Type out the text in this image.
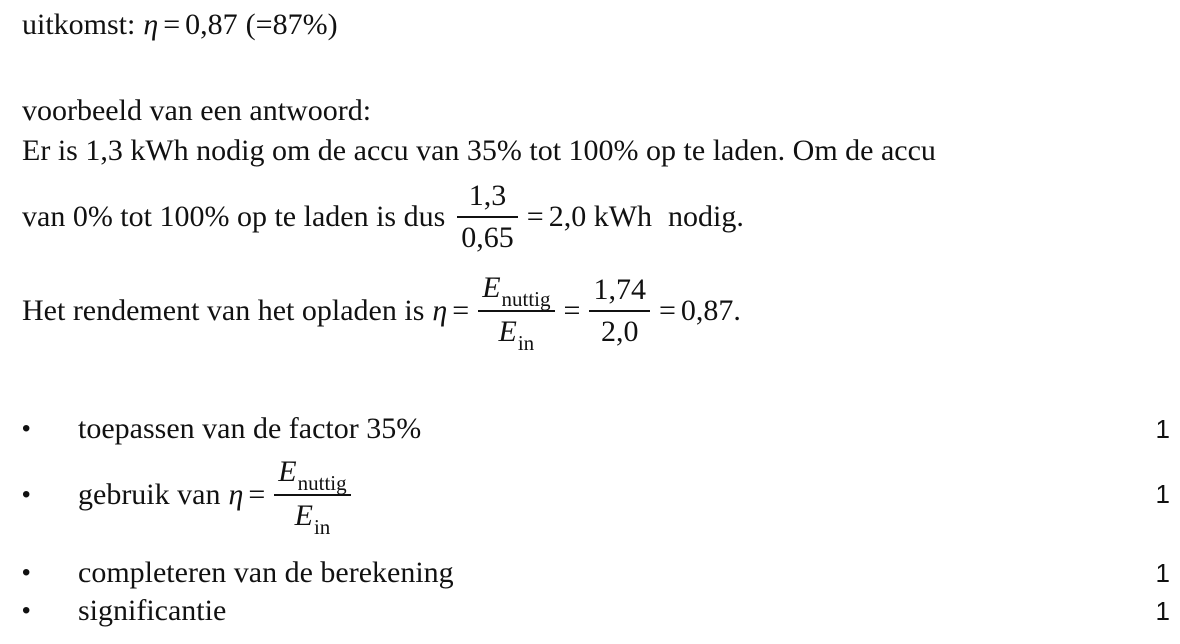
uitkomst: η = 0,87 (=87%)
voorbeeld van een antwoord:
Er is 1,3 kWh nodig om de accu van 35% tot 100% op te laden. Om de accu
van 0% tot 100% op te laden is dus $\frac{1,3}{0,65} = 2,0$ kWh nodig.
Het rendement van het opladen is $\eta = \frac{E_{nuttig}}{E_{in}} = \frac{1,74}{2,0} = 0,87$ .
•	toepassen van de factor 35%	1
•	gebruik van $\eta = \frac{E_{nuttig}}{E_{in}}$	1
•	completeren van de berekening	1
•	significantie	1
